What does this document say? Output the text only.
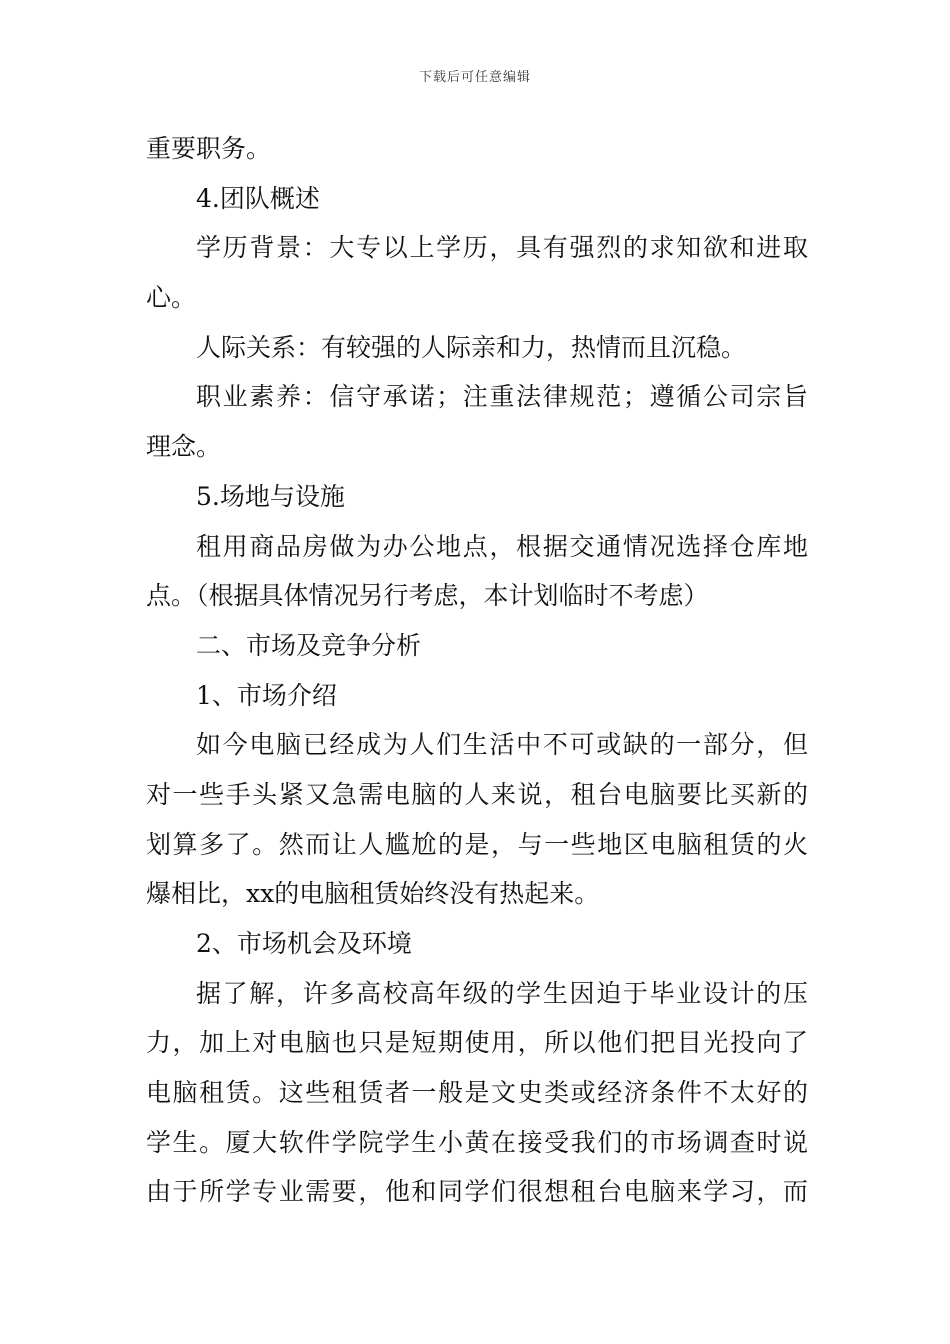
下载后可任意编辑
重要职务。
4.团队概述
学历背景：大专以上学历，具有强烈的求知欲和进取
心。
人际关系：有较强的人际亲和力，热情而且沉稳。
职业素养：信守承诺；注重法律规范；遵循公司宗旨
理念。
5.场地与设施
租用商品房做为办公地点，根据交通情况选择仓库地
点。（根据具体情况另行考虑，本计划临时不考虑）
二、市场及竞争分析
1、市场介绍
如今电脑已经成为人们生活中不可或缺的一部分，但
对一些手头紧又急需电脑的人来说，租台电脑要比买新的
划算多了。然而让人尴尬的是，与一些地区电脑租赁的火
爆相比，xx的电脑租赁始终没有热起来。
2、市场机会及环境
据了解，许多高校高年级的学生因迫于毕业设计的压
力，加上对电脑也只是短期使用，所以他们把目光投向了
电脑租赁。这些租赁者一般是文史类或经济条件不太好的
学生。厦大软件学院学生小黄在接受我们的市场调查时说
由于所学专业需要，他和同学们很想租台电脑来学习，而
